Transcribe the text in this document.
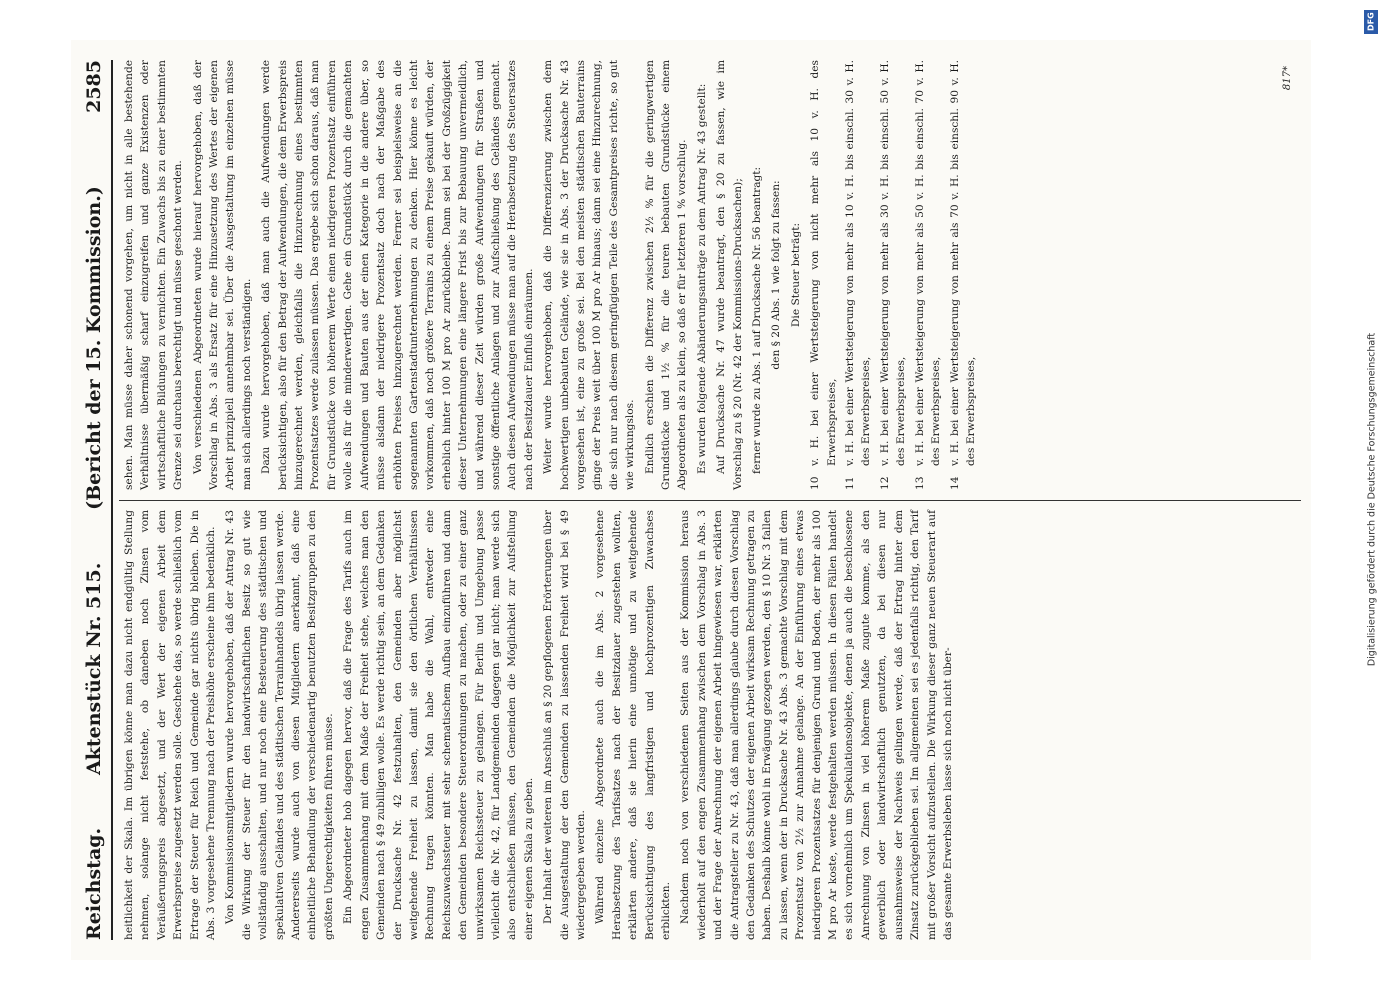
Reichstag.
Aktenstück Nr. 515.
(Bericht der 15. Kommission.)  2585

heitlichkeit der Skala. Im übrigen könne man dazu nicht endgültig Stellung nehmen, solange nicht feststehe, ob daneben noch Zinsen vom Veräußerungspreis abgesetzt, und der Wert der eigenen Arbeit dem Erwerbspreise zugesetzt werden solle. Geschehe das, so werde schließlich vom Ertrage der Steuer für Reich und Gemeinde gar nichts übrig bleiben. Die in Abs. 3 vorgesehene Trennung nach der Preishöhe erscheine ihm bedenklich. Von Kommissionsmitgliedern wurde hervorgehoben, daß der Antrag Nr. 43 die Wirkung der Steuer für den landwirtschaftlichen Besitz so gut wie vollständig ausschalten, und nur noch eine Besteuerung des städtischen und spekulativen Geländes und des städtischen Terrainhandels übrig lassen werde. Andererseits wurde auch von diesen Mitgliedern anerkannt, daß eine einheitliche Behandlung der verschiedenartig benutzten Besitzgruppen zu den größten Ungerechtigkeiten führen müsse. Ein Abgeordneter hob dagegen hervor, daß die Frage des Tarifs auch im engen Zusammenhang mit dem Maße der Freiheit stehe, welches man den Gemeinden nach § 49 zubilligen wolle. Es werde richtig sein, an dem Gedanken der Drucksache Nr. 42 festzuhalten, den Gemeinden aber möglichst weitgehende Freiheit zu lassen, damit sie den örtlichen Verhältnissen Rechnung tragen könnten. Man habe die Wahl, entweder eine Reichszuwachssteuer mit sehr schematischem Aufbau einzuführen und dann den Gemeinden besondere Steuerordnungen zu machen, oder zu einer ganz unwirksamen Reichssteuer zu gelangen. Für Berlin und Umgebung passe vielleicht die Nr. 42, für Landgemeinden dagegen gar nicht; man werde sich also entschließen müssen, den Gemeinden die Möglichkeit zur Aufstellung einer eigenen Skala zu geben. Der Inhalt der weiteren im Anschluß an § 20 gepflogenen Erörterungen über die Ausgestaltung der den Gemeinden zu lassenden Freiheit wird bei § 49 wiedergegeben werden. Während einzelne Abgeordnete auch die im Abs. 2 vorgesehene Herabsetzung des Tarifsatzes nach der Besitzdauer zugestehen wollten, erklärten andere, daß sie hierin eine unnötige und zu weitgehende Berücksichtigung des langfristigen und hochprozentigen Zuwachses erblickten. Nachdem noch von verschiedenen Seiten aus der Kommission heraus wiederholt auf den engen Zusammenhang zwischen dem Vorschlag in Abs. 3 und der Frage der Anrechnung der eigenen Arbeit hingewiesen war, erklärten die Antragsteller zu Nr. 43, daß man allerdings glaube durch diesen Vorschlag den Gedanken des Schutzes der eigenen Arbeit wirksam Rechnung getragen zu haben. Deshalb könne wohl in Erwägung gezogen werden, den § 10 Nr. 3 fallen zu lassen, wenn der in Drucksache Nr. 43 Abs. 3 gemachte Vorschlag mit dem Prozentsatz von 2½ zur Annahme gelange. An der Einführung eines etwas niedrigeren Prozentsatzes für denjenigen Grund und Boden, der mehr als 100 M pro Ar koste, werde festgehalten werden müssen. In diesen Fällen handelt es sich vornehmlich um Spekulationsobjekte, denen ja auch die beschlossene Anrechnung von Zinsen in viel höherem Maße zugute komme, als den gewerblich oder landwirtschaftlich genutzten, da bei diesen nur ausnahmsweise der Nachweis gelingen werde, daß der Ertrag hinter dem Zinsatz zurückgeblieben sei. Im allgemeinen sei es jedenfalls richtig, den Tarif mit großer Vorsicht aufzustellen. Die Wirkung dieser ganz neuen Steuerart auf das gesamte Erwerbsleben lasse sich noch nicht über-

sehen. Man müsse daher schonend vorgehen, um nicht in alle bestehende Verhältnisse übermäßig scharf einzugreifen und ganze Existenzen oder wirtschaftliche Bildungen zu vernichten. Ein Zuwachs bis zu einer bestimmten Grenze sei durchaus berechtigt und müsse geschont werden. Von verschiedenen Abgeordneten wurde hierauf hervorgehoben, daß der Vorschlag in Abs. 3 als Ersatz für eine Hinzusetzung des Wertes der eigenen Arbeit prinzipiell annehmbar sei. Über die Ausgestaltung im einzelnen müsse man sich allerdings noch verständigen. Dazu wurde hervorgehoben, daß man auch die Aufwendungen werde berücksichtigen, also für den Betrag der Aufwendungen, die dem Erwerbspreis hinzugerechnet werden, gleichfalls die Hinzurechnung eines bestimmten Prozentsatzes werde zulassen müssen. Das ergebe sich schon daraus, daß man für Grundstücke von höherem Werte einen niedrigeren Prozentsatz einführen wolle als für die minderwertigen. Gehe ein Grundstück durch die gemachten Aufwendungen und Bauten aus der einen Kategorie in die andere über, so müsse alsdann der niedrigere Prozentsatz doch nach der Maßgabe des erhöhten Preises hinzugerechnet werden. Ferner sei beispielsweise an die sogenannten Gartenstadtunternehmungen zu denken. Hier könne es leicht vorkommen, daß noch größere Terrains zu einem Preise gekauft würden, der erheblich hinter 100 M pro Ar zurückbleibe. Dann sei bei der Großzügigkeit dieser Unternehmungen eine längere Frist bis zur Bebauung unvermeidlich, und während dieser Zeit würden große Aufwendungen für Straßen und sonstige öffentliche Anlagen und zur Aufschließung des Geländes gemacht. Auch diesen Aufwendungen müsse man auf die Herabsetzung des Steuersatzes nach der Besitzdauer Einfluß einräumen. Weiter wurde hervorgehoben, daß die Differenzierung zwischen dem hochwertigen unbebauten Gelände, wie sie in Abs. 3 der Drucksache Nr. 43 vorgesehen ist, eine zu große sei. Bei den meisten städtischen Bauterrains ginge der Preis weit über 100 M pro Ar hinaus; dann sei eine Hinzurechnung, die sich nur nach diesem geringfügigen Teile des Gesamtpreises richte, so gut wie wirkungslos. Endlich erschien die Differenz zwischen 2½ % für die geringwertigen Grundstücke und 1½ % für die teuren bebauten Grundstücke einem Abgeordneten als zu klein, so daß er für letzteren 1 % vorschlug. Es wurden folgende Abänderungsanträge zu dem Antrag Nr. 43 gestellt: Auf Drucksache Nr. 47 wurde beantragt, den § 20 zu fassen, wie im Vorschlag zu § 20 (Nr. 42 der Kommissions-Drucksachen); ferner wurde zu Abs. 1 auf Drucksache Nr. 56 beantragt: den § 20 Abs. 1 wie folgt zu fassen: Die Steuer beträgt:

10v. H. bei einer Wertsteigerung von nicht mehr als 10 v. H. des Erwerbspreises,
11v. H. bei einer Wertsteigerung von mehr als 10 v. H. bis einschl. 30 v. H. des Erwerbspreises,
12v. H. bei einer Wertsteigerung von mehr als 30 v. H. bis einschl. 50 v. H. des Erwerbspreises,
13v. H. bei einer Wertsteigerung von mehr als 50 v. H. bis einschl. 70 v. H. des Erwerbspreises,
14v. H. bei einer Wertsteigerung von mehr als 70 v. H. bis einschl. 90 v. H. des Erwerbspreises,
817*
DFG
Digitalisierung gefördert durch die Deutsche Forschungsgemeinschaft
